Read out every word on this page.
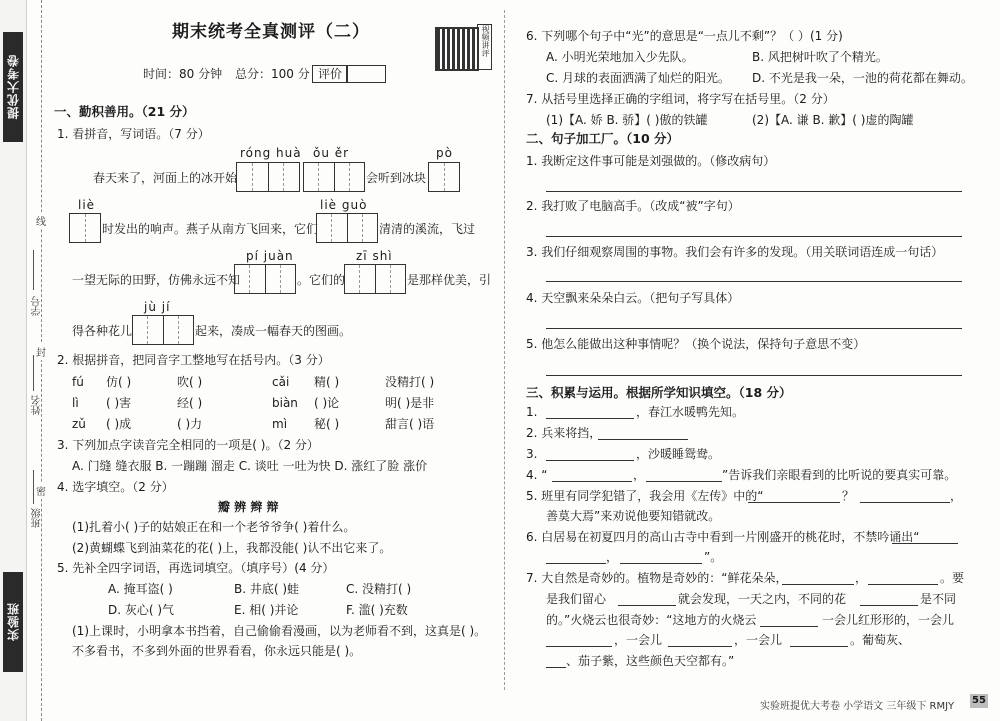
提优大考卷
实验班
学号
姓名
班级
线
封
密
期末统考全真测评（二）	视频讲评
时间：80 分钟 总分：100 分 评价
一、勤积善用。（21 分）
1. 看拼音，写词语。（7 分）
róng huà ǒu ěr	pò
春天来了，河面上的冰开始	会听到冰块
liè	liè guò
时发出的响声。燕子从南方飞回来，它们	清清的溪流，飞过
pí juàn	zī shì
一望无际的田野，仿佛永远不知	。它们的	是那样优美，引
jù jí
得各种花儿	起来，凑成一幅春天的图画。
2. 根据拼音，把同音字工整地写在括号内。（3 分）
fú 仿( )	吹( )	cǎi 精( )	没精打( )
lì ( )害	经( )	biàn ( )论	明( )是非
zǔ ( )成	( )力	mì 秘( )	甜言( )语
3. 下列加点字读音完全相同的一项是( )。（2 分）
A. 门缝 缝衣服 B. 一蹦蹦 溜走 C. 谈吐 一吐为快 D. 涨红了脸 涨价
4. 选字填空。（2 分）
瓣 辨 辫 辩
(1)扎着小( )子的姑娘正在和一个老爷爷争( )着什么。
(2)黄蝴蝶飞到油菜花的花( )上，我都没能( )认不出它来了。
5. 先补全四字词语，再选词填空。（填序号）(4 分）
A. 掩耳盗( )	B. 井底( )蛙	C. 没精打( )
D. 灰心( )气	E. 相( )并论	F. 滥( )充数
(1)上课时，小明拿本书挡着，自己偷偷看漫画，以为老师看不到，这真是( )。
不多看书，不多到外面的世界看看，你永远只能是( )。
6. 下列哪个句子中“光”的意思是“一点儿不剩”？（ ）(1 分)
A. 小明光荣地加入少先队。	B. 风把树叶吹了个精光。
C. 月球的表面洒满了灿烂的阳光。 D. 不光是我一朵，一池的荷花都在舞动。
7. 从括号里选择正确的字组词，将字写在括号里。（2 分）
(1)【A. 娇 B. 骄】( )傲的铁罐	(2)【A. 谦 B. 歉】( )虚的陶罐
二、句子加工厂。（10 分）
1. 我断定这件事可能是刘强做的。（修改病句）
2. 我打败了电脑高手。（改成“被”字句）
3. 我们仔细观察周围的事物。我们会有许多的发现。（用关联词语连成一句话）
4. 天空飘来朵朵白云。（把句子写具体）
5. 他怎么能做出这种事情呢？（换个说法，保持句子意思不变）
三、积累与运用。根据所学知识填空。（18 分）
1.	，春江水暖鸭先知。
2. 兵来将挡，
3.	，沙暖睡鸳鸯。
4. “	，	”告诉我们亲眼看到的比听说的要真实可靠。
5. 班里有同学犯错了，我会用《左传》中的“	？	，
善莫大焉”来劝说他要知错就改。
6. 白居易在初夏四月的高山古寺中看到一片刚盛开的桃花时，不禁吟诵出“
，	”。
7. 大自然是奇妙的。植物是奇妙的：“鲜花朵朵，	，	。要
是我们留心	就会发现，一天之内，不同的花	是不同
的。”火烧云也很奇妙：“这地方的火烧云	一会儿红形形的，一会儿
，一会儿	，一会儿	。葡萄灰、
、茄子紫，这些颜色天空都有。”
实验班提优大考卷 小学语文 三年级下 RMJY
55
